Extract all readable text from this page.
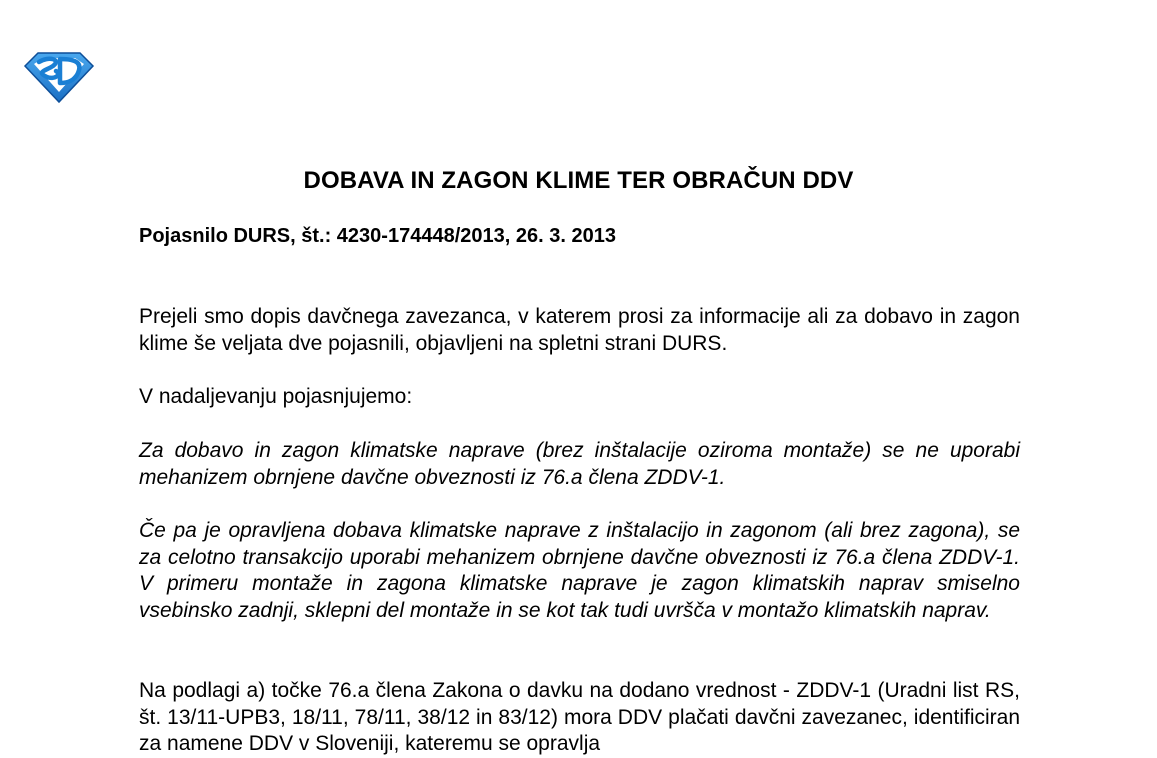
DOBAVA IN ZAGON KLIME TER OBRAČUN DDV
Pojasnilo DURS, št.: 4230-174448/2013, 26. 3. 2013

Prejeli smo dopis davčnega zavezanca, v katerem prosi za informacije ali za dobavo in zagon klime še veljata dve pojasnili, objavljeni na spletni strani DURS.

V nadaljevanju pojasnjujemo:

Za dobavo in zagon klimatske naprave (brez inštalacije oziroma montaže) se ne uporabi mehanizem obrnjene davčne obveznosti iz 76.a člena ZDDV-1.

Če pa je opravljena dobava klimatske naprave z inštalacijo in zagonom (ali brez zagona), se za celotno transakcijo uporabi mehanizem obrnjene davčne obveznosti iz 76.a člena ZDDV-1. V primeru montaže in zagona klimatske naprave je zagon klimatskih naprav smiselno vsebinsko zadnji, sklepni del montaže in se kot tak tudi uvršča v montažo klimatskih naprav.

Na podlagi a) točke 76.a člena Zakona o davku na dodano vrednost - ZDDV-1 (Uradni list RS, št. 13/11-UPB3, 18/11, 78/11, 38/12 in 83/12) mora DDV plačati davčni zavezanec, identificiran za namene DDV v Sloveniji, kateremu se opravlja
